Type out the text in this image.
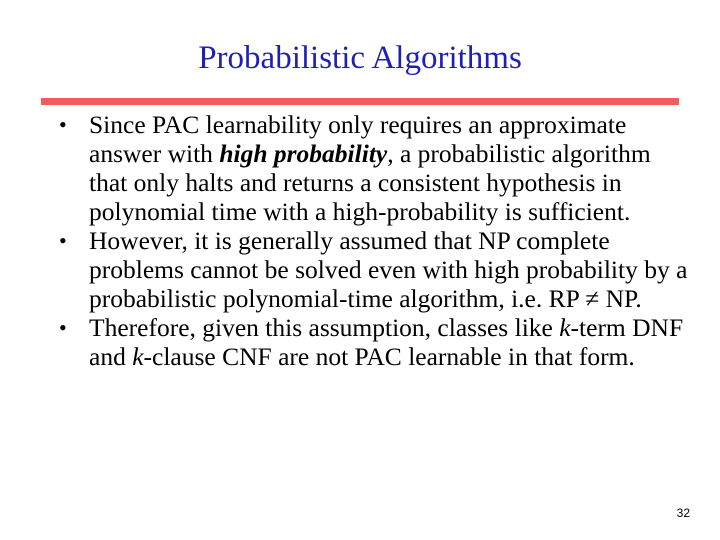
Probabilistic Algorithms
• Since PAC learnability only requires an approximate answer with high probability, a probabilistic algorithm that only halts and returns a consistent hypothesis in polynomial time with a high-probability is sufficient.
• However, it is generally assumed that NP complete problems cannot be solved even with high probability by a probabilistic polynomial-time algorithm, i.e. RP ≠ NP.
• Therefore, given this assumption, classes like k-term DNF and k-clause CNF are not PAC learnable in that form.
32
